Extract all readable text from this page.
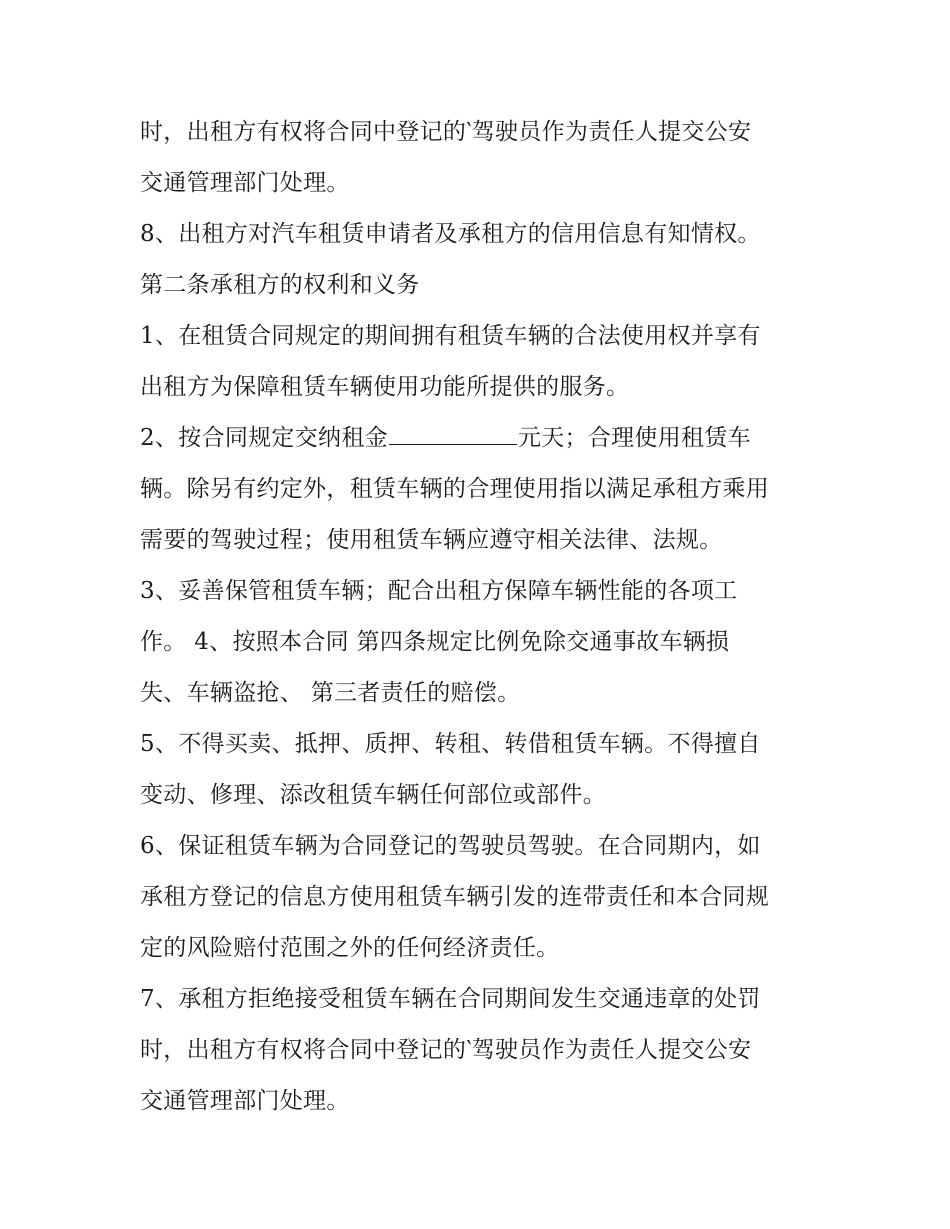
时，出租方有权将合同中登记的‵驾驶员作为责任人提交公安
交通管理部门处理。
8、出租方对汽车租赁申请者及承租方的信用信息有知情权。
第二条承租方的权利和义务
1、在租赁合同规定的期间拥有租赁车辆的合法使用权并享有
出租方为保障租赁车辆使用功能所提供的服务。
2、按合同规定交纳租金	元天；合理使用租赁车
辆。除另有约定外，租赁车辆的合理使用指以满足承租方乘用
需要的驾驶过程；使用租赁车辆应遵守相关法律、法规。
3、妥善保管租赁车辆；配合出租方保障车辆性能的各项工
作。 4、按照本合同 第四条规定比例免除交通事故车辆损
失、车辆盗抢、 第三者责任的赔偿。
5、不得买卖、抵押、质押、转租、转借租赁车辆。不得擅自
变动、修理、添改租赁车辆任何部位或部件。
6、保证租赁车辆为合同登记的驾驶员驾驶。在合同期内，如
承租方登记的信息方使用租赁车辆引发的连带责任和本合同规
定的风险赔付范围之外的任何经济责任。
7、承租方拒绝接受租赁车辆在合同期间发生交通违章的处罚
时，出租方有权将合同中登记的‵驾驶员作为责任人提交公安
交通管理部门处理。
